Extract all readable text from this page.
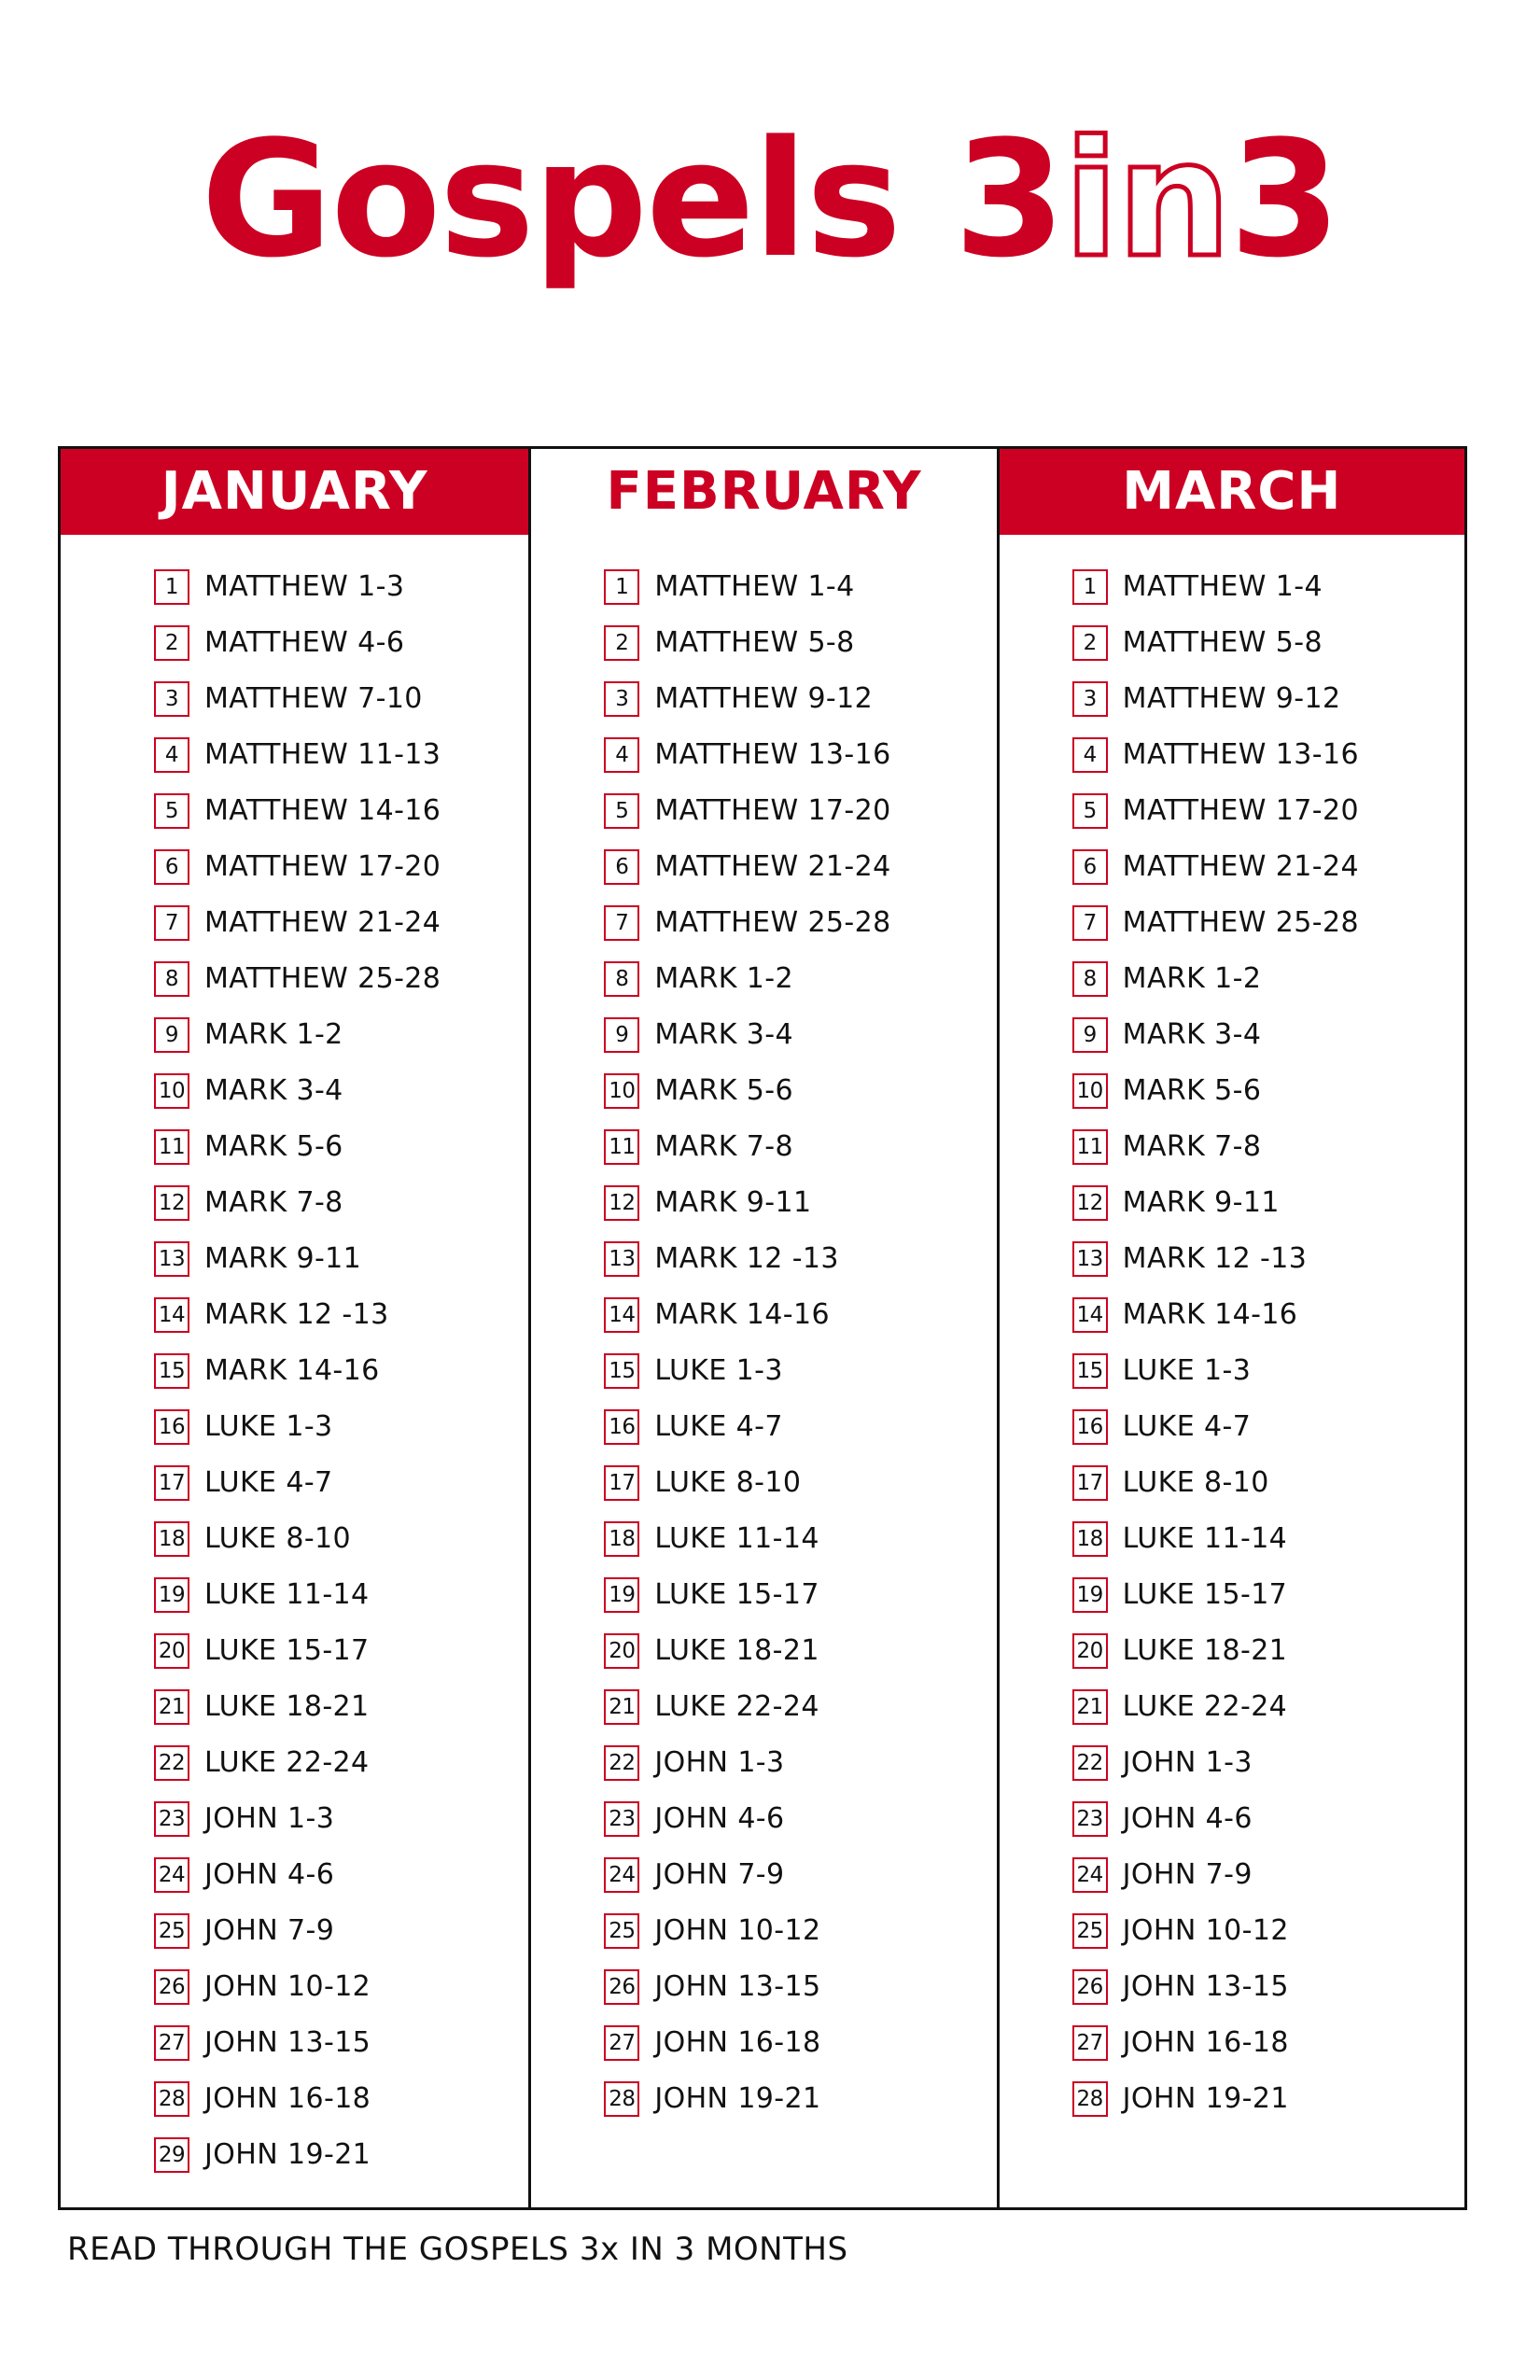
Gospels 3in3
JANUARY
1 MATTHEW 1-3
2 MATTHEW 4-6
3 MATTHEW 7-10
4 MATTHEW 11-13
5 MATTHEW 14-16
6 MATTHEW 17-20
7 MATTHEW 21-24
8 MATTHEW 25-28
9 MARK 1-2
10 MARK 3-4
11 MARK 5-6
12 MARK 7-8
13 MARK 9-11
14 MARK 12 -13
15 MARK 14-16
16 LUKE 1-3
17 LUKE 4-7
18 LUKE 8-10
19 LUKE 11-14
20 LUKE 15-17
21 LUKE 18-21
22 LUKE 22-24
23 JOHN 1-3
24 JOHN 4-6
25 JOHN 7-9
26 JOHN 10-12
27 JOHN 13-15
28 JOHN 16-18
29 JOHN 19-21
FEBRUARY
1 MATTHEW 1-4
2 MATTHEW 5-8
3 MATTHEW 9-12
4 MATTHEW 13-16
5 MATTHEW 17-20
6 MATTHEW 21-24
7 MATTHEW 25-28
8 MARK 1-2
9 MARK 3-4
10 MARK 5-6
11 MARK 7-8
12 MARK 9-11
13 MARK 12 -13
14 MARK 14-16
15 LUKE 1-3
16 LUKE 4-7
17 LUKE 8-10
18 LUKE 11-14
19 LUKE 15-17
20 LUKE 18-21
21 LUKE 22-24
22 JOHN 1-3
23 JOHN 4-6
24 JOHN 7-9
25 JOHN 10-12
26 JOHN 13-15
27 JOHN 16-18
28 JOHN 19-21
MARCH
1 MATTHEW 1-4
2 MATTHEW 5-8
3 MATTHEW 9-12
4 MATTHEW 13-16
5 MATTHEW 17-20
6 MATTHEW 21-24
7 MATTHEW 25-28
8 MARK 1-2
9 MARK 3-4
10 MARK 5-6
11 MARK 7-8
12 MARK 9-11
13 MARK 12 -13
14 MARK 14-16
15 LUKE 1-3
16 LUKE 4-7
17 LUKE 8-10
18 LUKE 11-14
19 LUKE 15-17
20 LUKE 18-21
21 LUKE 22-24
22 JOHN 1-3
23 JOHN 4-6
24 JOHN 7-9
25 JOHN 10-12
26 JOHN 13-15
27 JOHN 16-18
28 JOHN 19-21
READ THROUGH THE GOSPELS 3x IN 3 MONTHS
